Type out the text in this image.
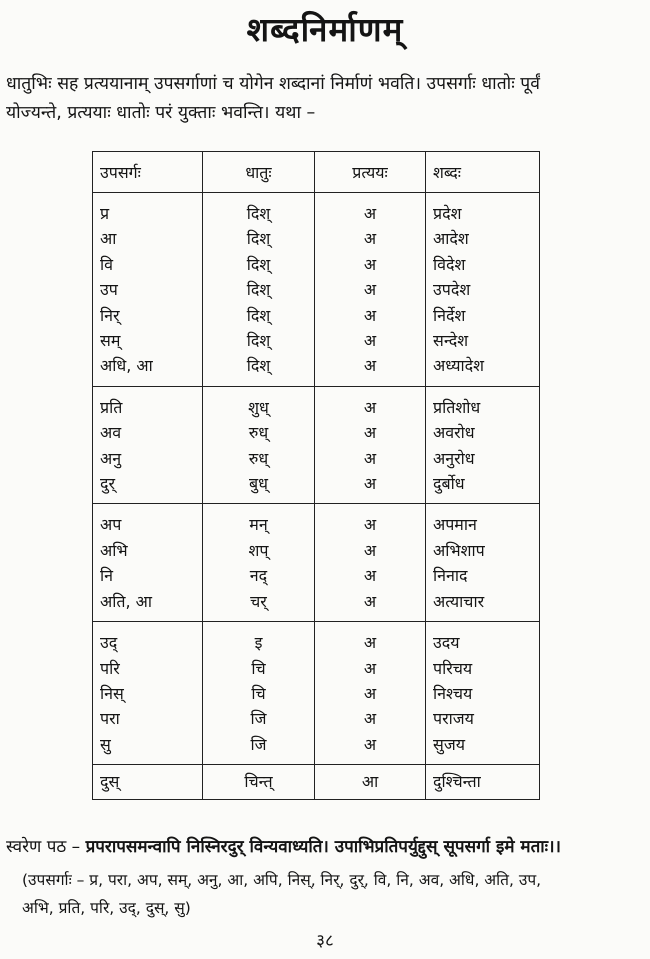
शब्दनिर्माणम्
धातुभिः सह प्रत्ययानाम् उपसर्गाणां च योगेन शब्दानां निर्माणं भवति। उपसर्गाः धातोः पूर्वं
योज्यन्ते, प्रत्ययाः धातोः परं युक्ताः भवन्ति। यथा –
उपसर्गः	धातुः	प्रत्ययः	शब्दः
प्र	दिश्	अ	प्रदेश
आ	दिश्	अ	आदेश
वि	दिश्	अ	विदेश
उप	दिश्	अ	उपदेश
निर्	दिश्	अ	निर्देश
सम्	दिश्	अ	सन्देश
अधि, आ	दिश्	अ	अध्यादेश
प्रति	शुध्	अ	प्रतिशोध
अव	रुध्	अ	अवरोध
अनु	रुध्	अ	अनुरोध
दुर्	बुध्	अ	दुर्बोध
अप	मन्	अ	अपमान
अभि	शप्	अ	अभिशाप
नि	नद्	अ	निनाद
अति, आ	चर्	अ	अत्याचार
उद्	इ	अ	उदय
परि	चि	अ	परिचय
निस्	चि	अ	निश्चय
परा	जि	अ	पराजय
सु	जि	अ	सुजय
दुस्	चिन्त्	आ	दुश्चिन्ता
स्वरेण पठ – प्रपरापसमन्वापि निस्निरदुर् विन्यवाध्यति। उपाभिप्रतिपर्युद्दुस् सूपसर्गा इमे मताः।।
(उपसर्गाः – प्र, परा, अप, सम्, अनु, आ, अपि, निस्, निर्, दुर्, वि, नि, अव, अधि, अति, उप,
अभि, प्रति, परि, उद्, दुस्, सु)
३८
